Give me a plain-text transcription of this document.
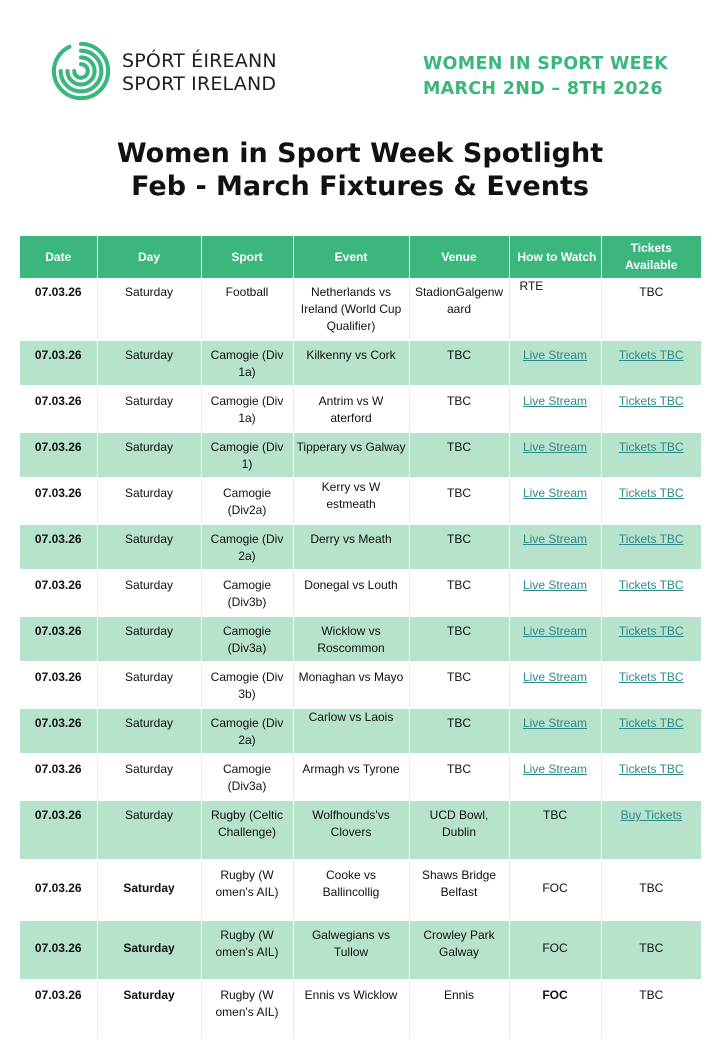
SPÓRT ÉIREANN
SPORT IRELAND
WOMEN IN SPORT WEEK
MARCH 2ND – 8TH 2026
Women in Sport Week Spotlight
Feb - March Fixtures & Events
Date	Day	Sport	Event	Venue	How to Watch	Tickets Available
07.03.26	Saturday	Football	Netherlands vs Ireland (World Cup Qualifier)	StadionGalgenwaard	RTE	TBC
07.03.26	Saturday	Camogie (Div 1a)	Kilkenny vs Cork	TBC	Live Stream	Tickets TBC
07.03.26	Saturday	Camogie (Div 1a)	Antrim vs W aterford	TBC	Live Stream	Tickets TBC
07.03.26	Saturday	Camogie (Div 1)	Tipperary vs Galway	TBC	Live Stream	Tickets TBC
07.03.26	Saturday	Camogie (Div2a)	Kerry vs W estmeath	TBC	Live Stream	Tickets TBC
07.03.26	Saturday	Camogie (Div 2a)	Derry vs Meath	TBC	Live Stream	Tickets TBC
07.03.26	Saturday	Camogie (Div3b)	Donegal vs Louth	TBC	Live Stream	Tickets TBC
07.03.26	Saturday	Camogie (Div3a)	Wicklow vs Roscommon	TBC	Live Stream	Tickets TBC
07.03.26	Saturday	Camogie (Div 3b)	Monaghan vs Mayo	TBC	Live Stream	Tickets TBC
07.03.26	Saturday	Camogie (Div 2a)	Carlow vs Laois	TBC	Live Stream	Tickets TBC
07.03.26	Saturday	Camogie (Div3a)	Armagh vs Tyrone	TBC	Live Stream	Tickets TBC
07.03.26	Saturday	Rugby (Celtic Challenge)	Wolfhounds'vs Clovers	UCD Bowl, Dublin	TBC	Buy Tickets
07.03.26	Saturday	Rugby (W omen's AIL)	Cooke vs Ballincollig	Shaws Bridge Belfast	FOC	TBC
07.03.26	Saturday	Rugby (W omen's AIL)	Galwegians vs Tullow	Crowley Park Galway	FOC	TBC
07.03.26	Saturday	Rugby (W omen's AIL)	Ennis vs Wicklow	Ennis	FOC	TBC
